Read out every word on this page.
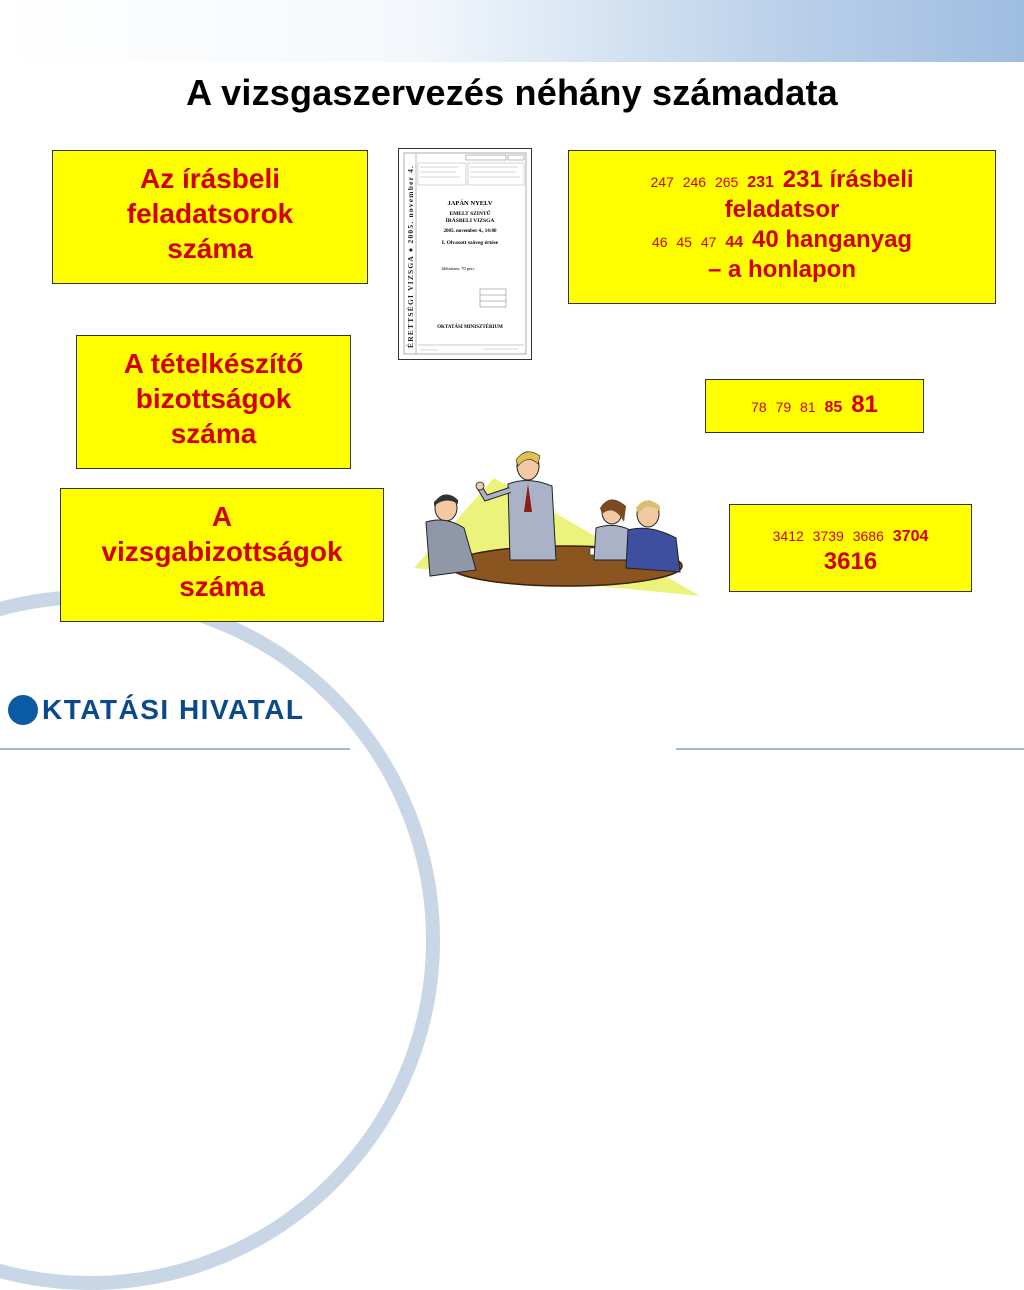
A vizsgaszervezés néhány számadata
Az írásbeli
feladatsorok
száma
A tételkészítő
bizottságok
száma
A
vizsgabizottságok
száma
247 246 265 231 231 írásbeli
feladatsor
46 45 47 44 40 hanganyag
– a honlapon
78 79 81 85 81
3412 3739 3686 3704
3616
ÉRETTSÉGI VIZSGA ● 2005. november 4.	JAPÁN NYELV
EMELT SZINTŰ
ÍRÁSBELI VIZSGA
2005. november 4., 14:00
I. Olvasott szöveg értése
Időtartam: 70 perc
OKTATÁSI MINISZTÉRIUM
KTATÁSI HIVATAL
